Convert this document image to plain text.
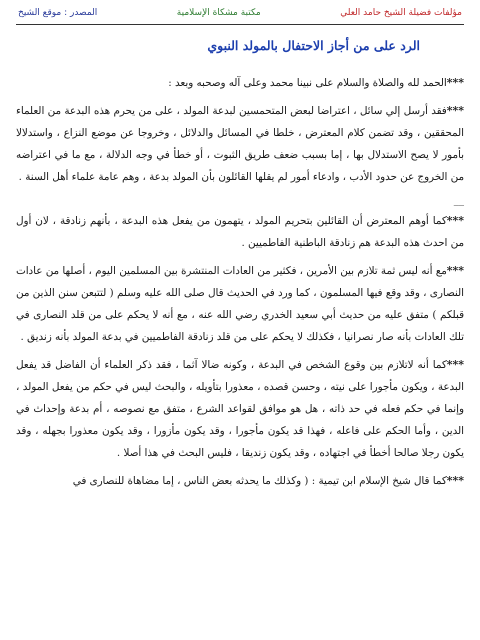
مؤلفات فضيلة الشيخ حامد العلي
مكتبة مشكاة الإسلامية
المصدر : موقع الشيخ
الرد على من أجاز الاحتفال بالمولد النبوي

***الحمد لله والصلاة والسلام على نبينا محمد وعلى آله وصحبه وبعد :

***فقد أرسل إلي سائل ، اعتراضا لبعض المتحمسين لبدعة المولد ، على من يحرم هذه البدعة من العلماء المحققين ، وقد تضمن كلام المعترض ، خلطا في المسائل والدلائل ، وخروجا عن موضع النزاع ، واستدلالا بأمور لا يصح الاستدلال بها ، إما بسبب ضعف طريق الثبوت ، أو خطأ في وجه الدلالة ، مع ما في اعتراضه من الخروج عن حدود الأدب ، وادعاء أمور لم يقلها القائلون بأن المولد بدعة ، وهم عامة علماء أهل السنة .

__

***كما أوهم المعترض أن القائلين بتحريم المولد ، يتهمون من يفعل هذه البدعة ، بأنهم زنادقة ، لان أول من احدث هذه البدعة هم زنادقة الباطنية الفاطميين .

***مع أنه ليس ثمة تلازم بين الأمرين ، فكثير من العادات المنتشرة بين المسلمين اليوم ، أصلها من عادات النصارى ، وقد وقع فيها المسلمون ، كما ورد في الحديث قال صلى الله عليه وسلم ( لتتبعن سنن الذين من قبلكم ) متفق عليه من حديث أبي سعيد الخدري رضي الله عنه ، مع أنه لا يحكم على من قلد النصارى في تلك العادات بأنه صار نصرانيا ، فكذلك لا يحكم على من قلد زنادقة الفاطميين في بدعة المولد بأنه زنديق .

***كما أنه لاتلازم بين وقوع الشخص في البدعة ، وكونه ضالا آثما ، فقد ذكر العلماء أن الفاضل قد يفعل البدعة ، ويكون مأجورا على نيته ، وحسن قصده ، معذورا بتأويله ، والبحث ليس في حكم من يفعل المولد ، وإنما في حكم فعله في حد ذاته ، هل هو موافق لقواعد الشرع ، متفق مع نصوصه ، أم بدعة وإحداث في الدين ، وأما الحكم على فاعله ، فهذا قد يكون مأجورا ، وقد يكون مأزورا ، وقد يكون معذورا بجهله ، وقد يكون رجلا صالحا أخطأ في اجتهاده ، وقد يكون زنديقا ، فليس البحث في هذا أصلا .

***كما قال شيخ الإسلام ابن تيمية : ( وكذلك ما يحدثه بعض الناس ، إما مضاهاة للنصارى في
